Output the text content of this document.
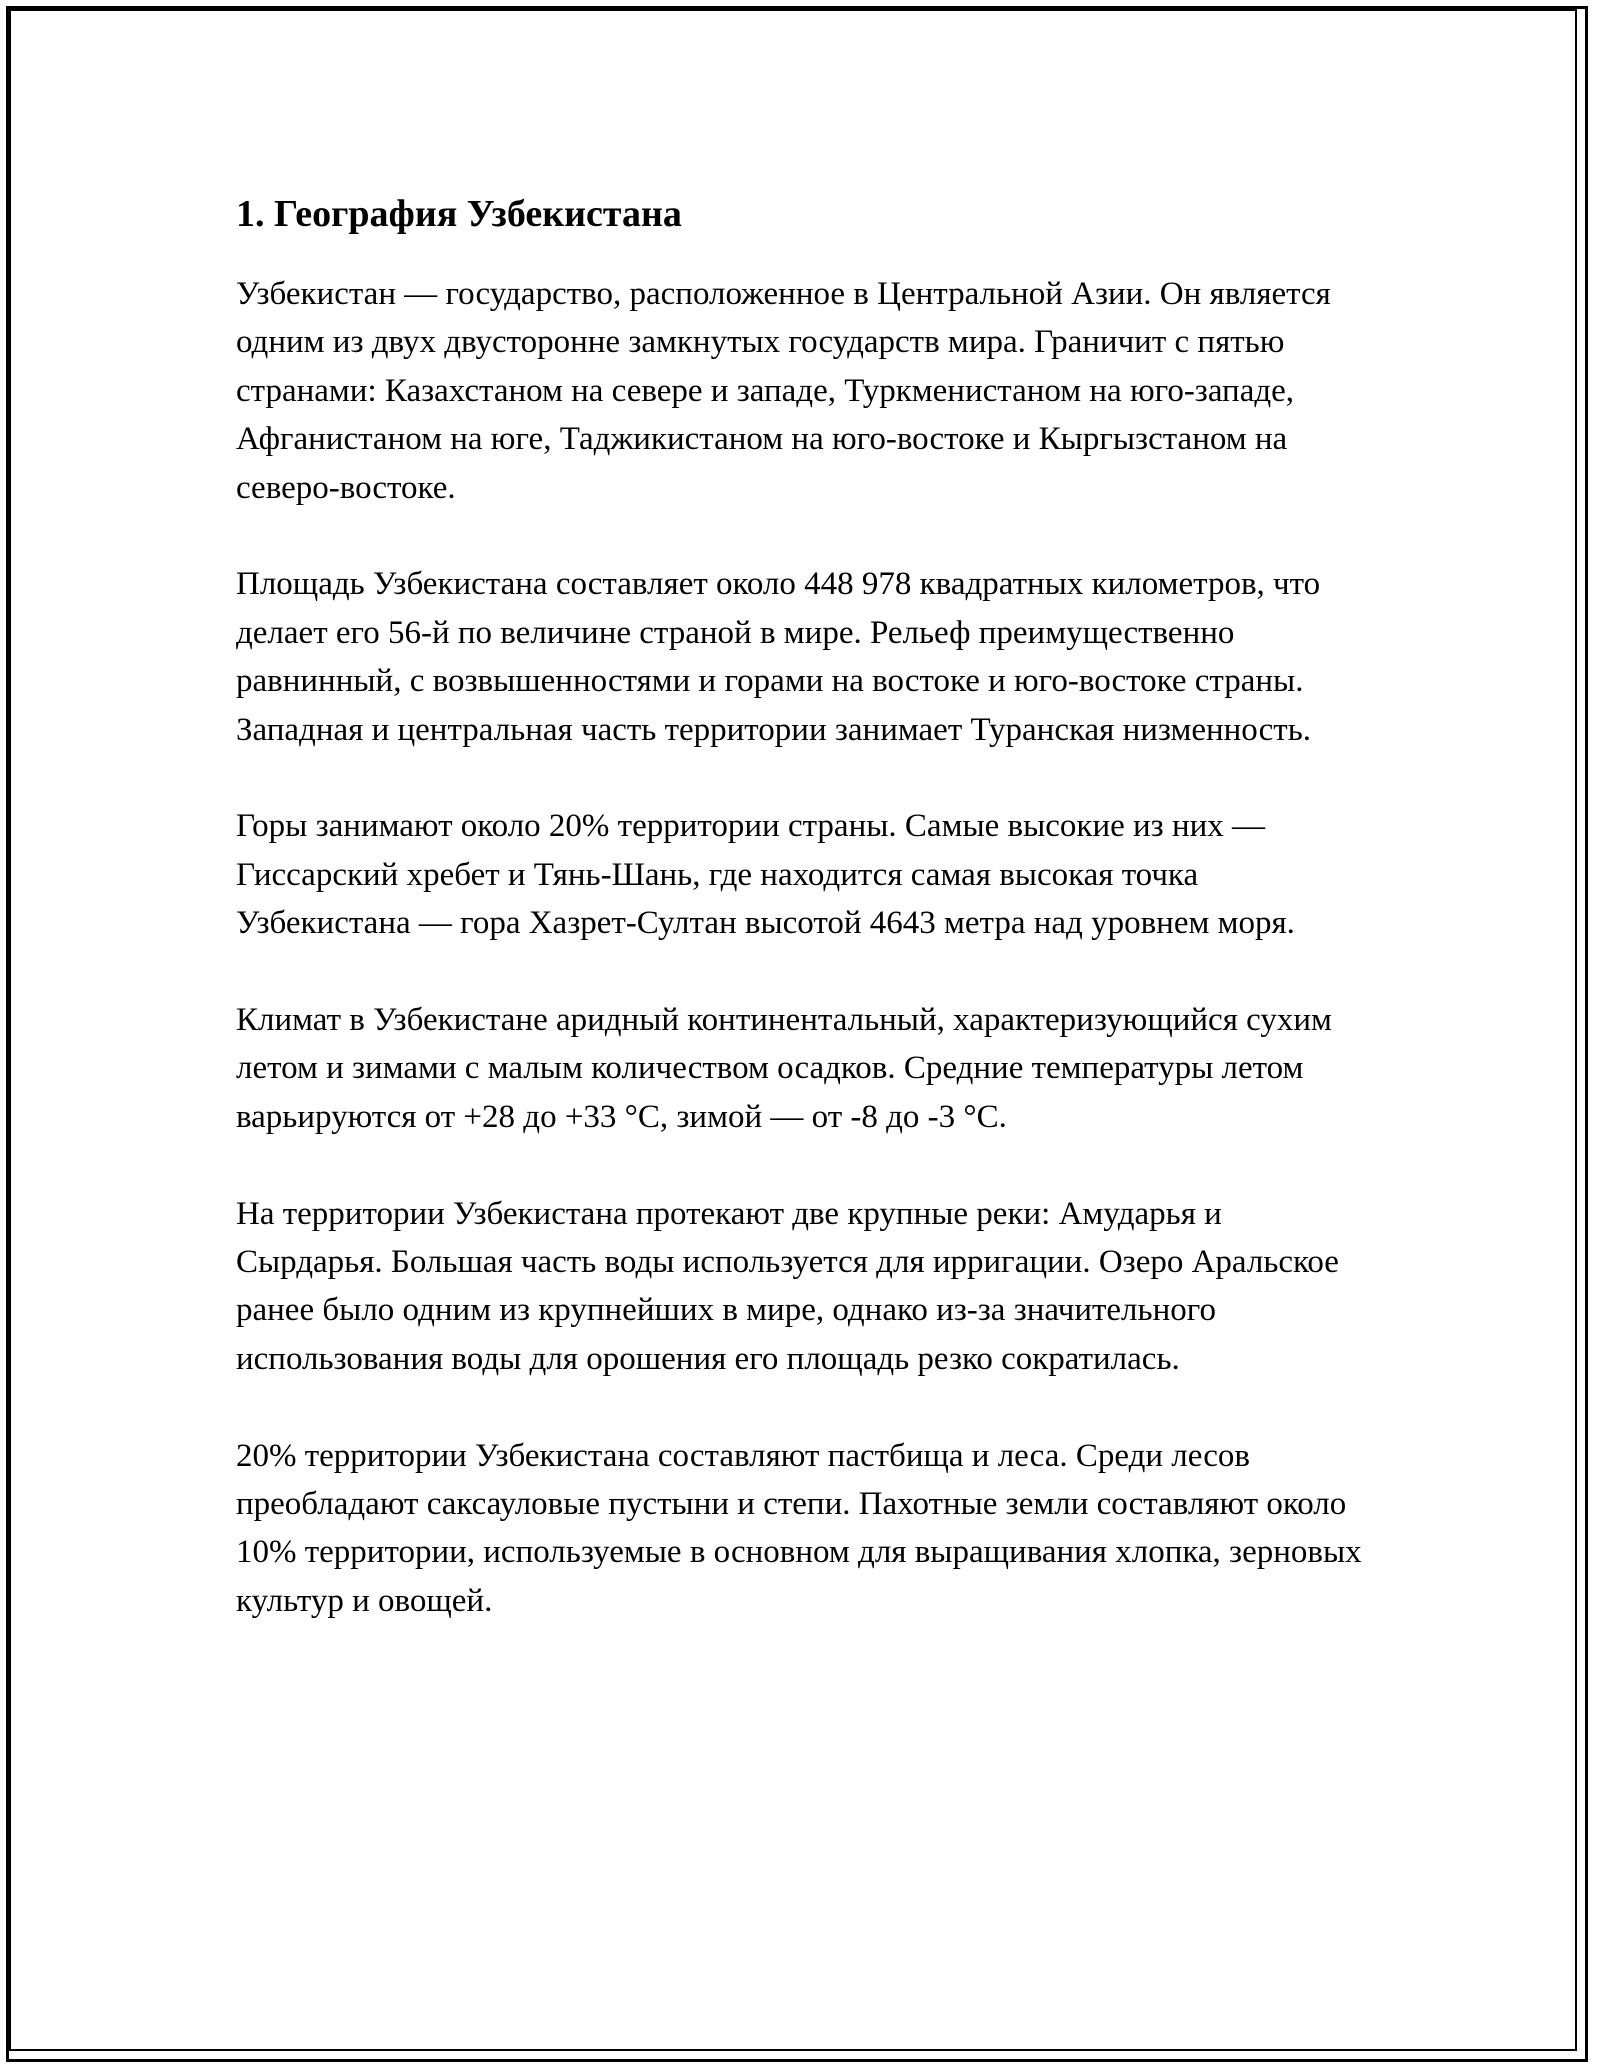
1. География Узбекистана

Узбекистан — государство, расположенное в Центральной Азии. Он является одним из двух двусторонне замкнутых государств мира. Граничит с пятью странами: Казахстаном на севере и западе, Туркменистаном на юго-западе, Афганистаном на юге, Таджикистаном на юго-востоке и Кыргызстаном на северо-востоке.

Площадь Узбекистана составляет около 448 978 квадратных километров, что делает его 56-й по величине страной в мире. Рельеф преимущественно равнинный, с возвышенностями и горами на востоке и юго-востоке страны. Западная и центральная часть территории занимает Туранская низменность.

Горы занимают около 20% территории страны. Самые высокие из них — Гиссарский хребет и Тянь-Шань, где находится самая высокая точка Узбекистана — гора Хазрет-Султан высотой 4643 метра над уровнем моря.

Климат в Узбекистане аридный континентальный, характеризующийся сухим летом и зимами с малым количеством осадков. Средние температуры летом варьируются от +28 до +33 °C, зимой — от -8 до -3 °C.

На территории Узбекистана протекают две крупные реки: Амударья и Сырдарья. Большая часть воды используется для ирригации. Озеро Аральское ранее было одним из крупнейших в мире, однако из-за значительного использования воды для орошения его площадь резко сократилась.

20% территории Узбекистана составляют пастбища и леса. Среди лесов преобладают саксауловые пустыни и степи. Пахотные земли составляют около 10% территории, используемые в основном для выращивания хлопка, зерновых культур и овощей.
